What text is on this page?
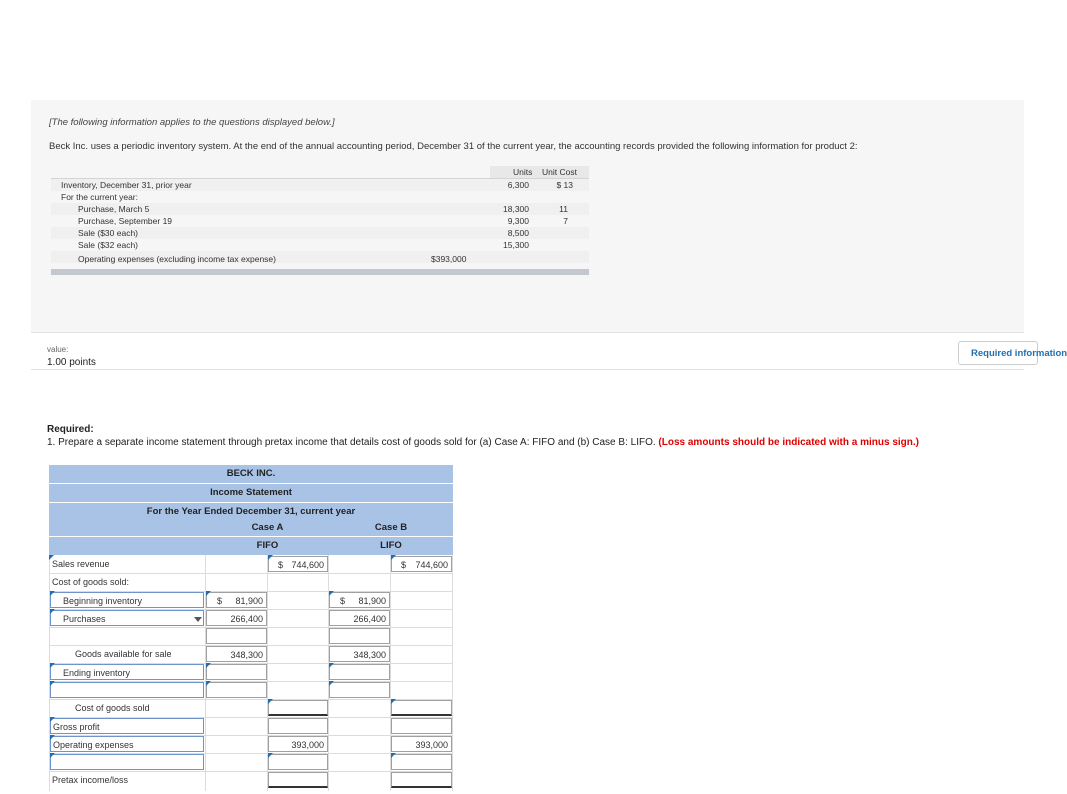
[The following information applies to the questions displayed below.]
Beck Inc. uses a periodic inventory system. At the end of the annual accounting period, December 31 of the current year, the accounting records provided the following information for product 2:
Units Unit Cost
Inventory, December 31, prior year	6,300	$ 13
For the current year:
Purchase, March 5	18,300	11
Purchase, September 19	9,300	7
Sale ($30 each)	8,500
Sale ($32 each)	15,300
Operating expenses (excluding income tax expense)	$393,000
value:
1.00 points
Required information
Required:
1. Prepare a separate income statement through pretax income that details cost of goods sold for (a) Case A: FIFO and (b) Case B: LIFO. (Loss amounts should be indicated with a minus sign.)
BECK INC.
Income Statement
For the Year Ended December 31, current year
Case A	Case B
FIFO	LIFO
Sales revenue	$ 744,600	$ 744,600
Cost of goods sold:
Beginning inventory	$ 81,900	$ 81,900
Purchases	266,400	266,400
Goods available for sale	348,300	348,300
Ending inventory
Cost of goods sold
Gross profit
Operating expenses	393,000	393,000
Pretax income/loss
